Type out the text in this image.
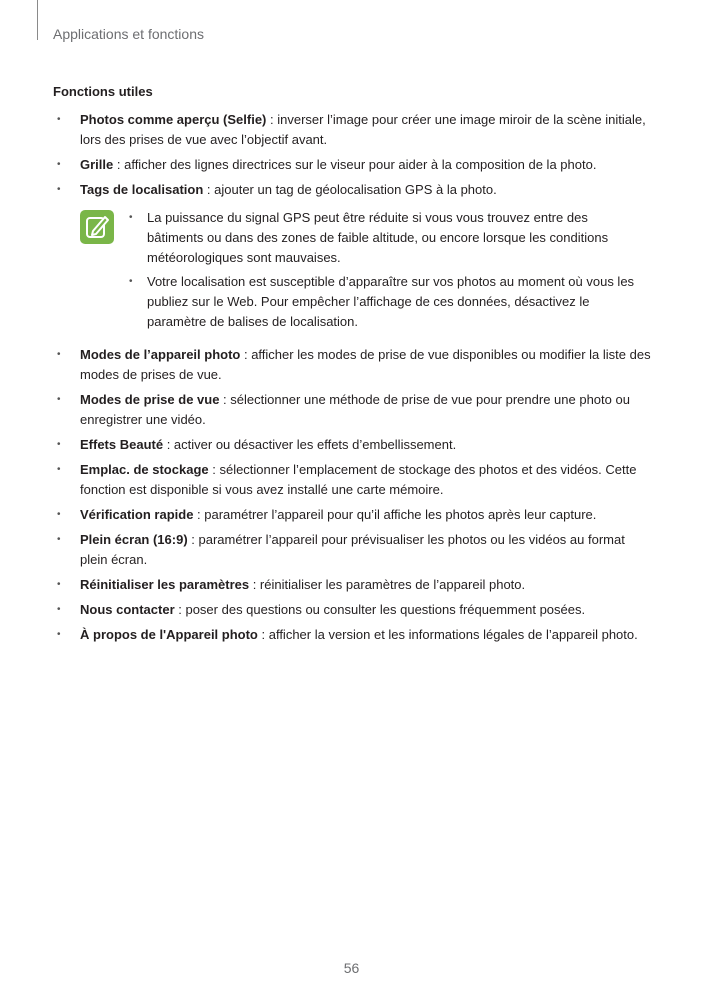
Applications et fonctions
Fonctions utiles
• Photos comme aperçu (Selfie) : inverser l’image pour créer une image miroir de la scène initiale, lors des prises de vue avec l’objectif avant.
• Grille : afficher des lignes directrices sur le viseur pour aider à la composition de la photo.
• Tags de localisation : ajouter un tag de géolocalisation GPS à la photo.
• La puissance du signal GPS peut être réduite si vous vous trouvez entre des bâtiments ou dans des zones de faible altitude, ou encore lorsque les conditions météorologiques sont mauvaises.
• Votre localisation est susceptible d’apparaître sur vos photos au moment où vous les publiez sur le Web. Pour empêcher l’affichage de ces données, désactivez le paramètre de balises de localisation.
• Modes de l’appareil photo : afficher les modes de prise de vue disponibles ou modifier la liste des modes de prises de vue.
• Modes de prise de vue : sélectionner une méthode de prise de vue pour prendre une photo ou enregistrer une vidéo.
• Effets Beauté : activer ou désactiver les effets d’embellissement.
• Emplac. de stockage : sélectionner l’emplacement de stockage des photos et des vidéos. Cette fonction est disponible si vous avez installé une carte mémoire.
• Vérification rapide : paramétrer l’appareil pour qu’il affiche les photos après leur capture.
• Plein écran (16:9) : paramétrer l’appareil pour prévisualiser les photos ou les vidéos au format plein écran.
• Réinitialiser les paramètres : réinitialiser les paramètres de l’appareil photo.
• Nous contacter : poser des questions ou consulter les questions fréquemment posées.
• À propos de l'Appareil photo : afficher la version et les informations légales de l’appareil photo.
56
